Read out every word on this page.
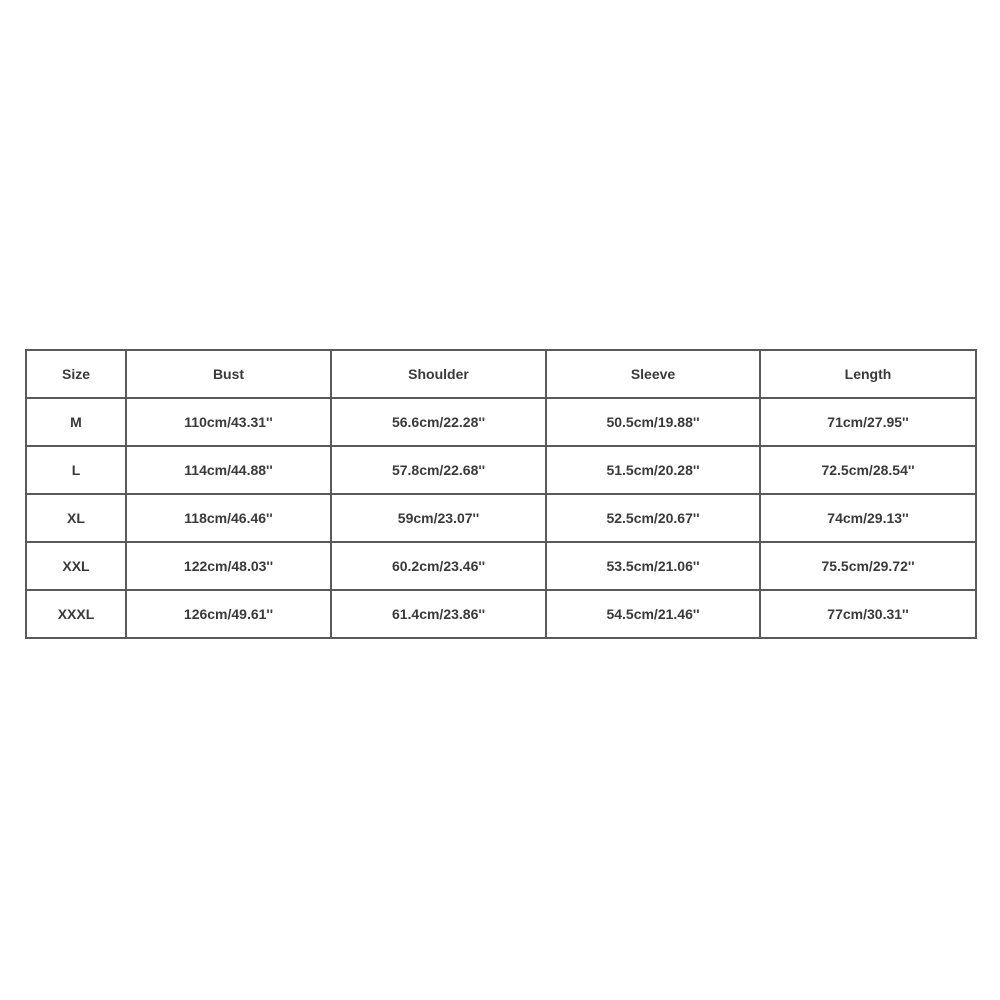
Size	Bust	Shoulder	Sleeve	Length
M	110cm/43.31''	56.6cm/22.28''	50.5cm/19.88''	71cm/27.95''
L	114cm/44.88''	57.8cm/22.68''	51.5cm/20.28''	72.5cm/28.54''
XL	118cm/46.46''	59cm/23.07''	52.5cm/20.67''	74cm/29.13''
XXL	122cm/48.03''	60.2cm/23.46''	53.5cm/21.06''	75.5cm/29.72''
XXXL	126cm/49.61''	61.4cm/23.86''	54.5cm/21.46''	77cm/30.31''
